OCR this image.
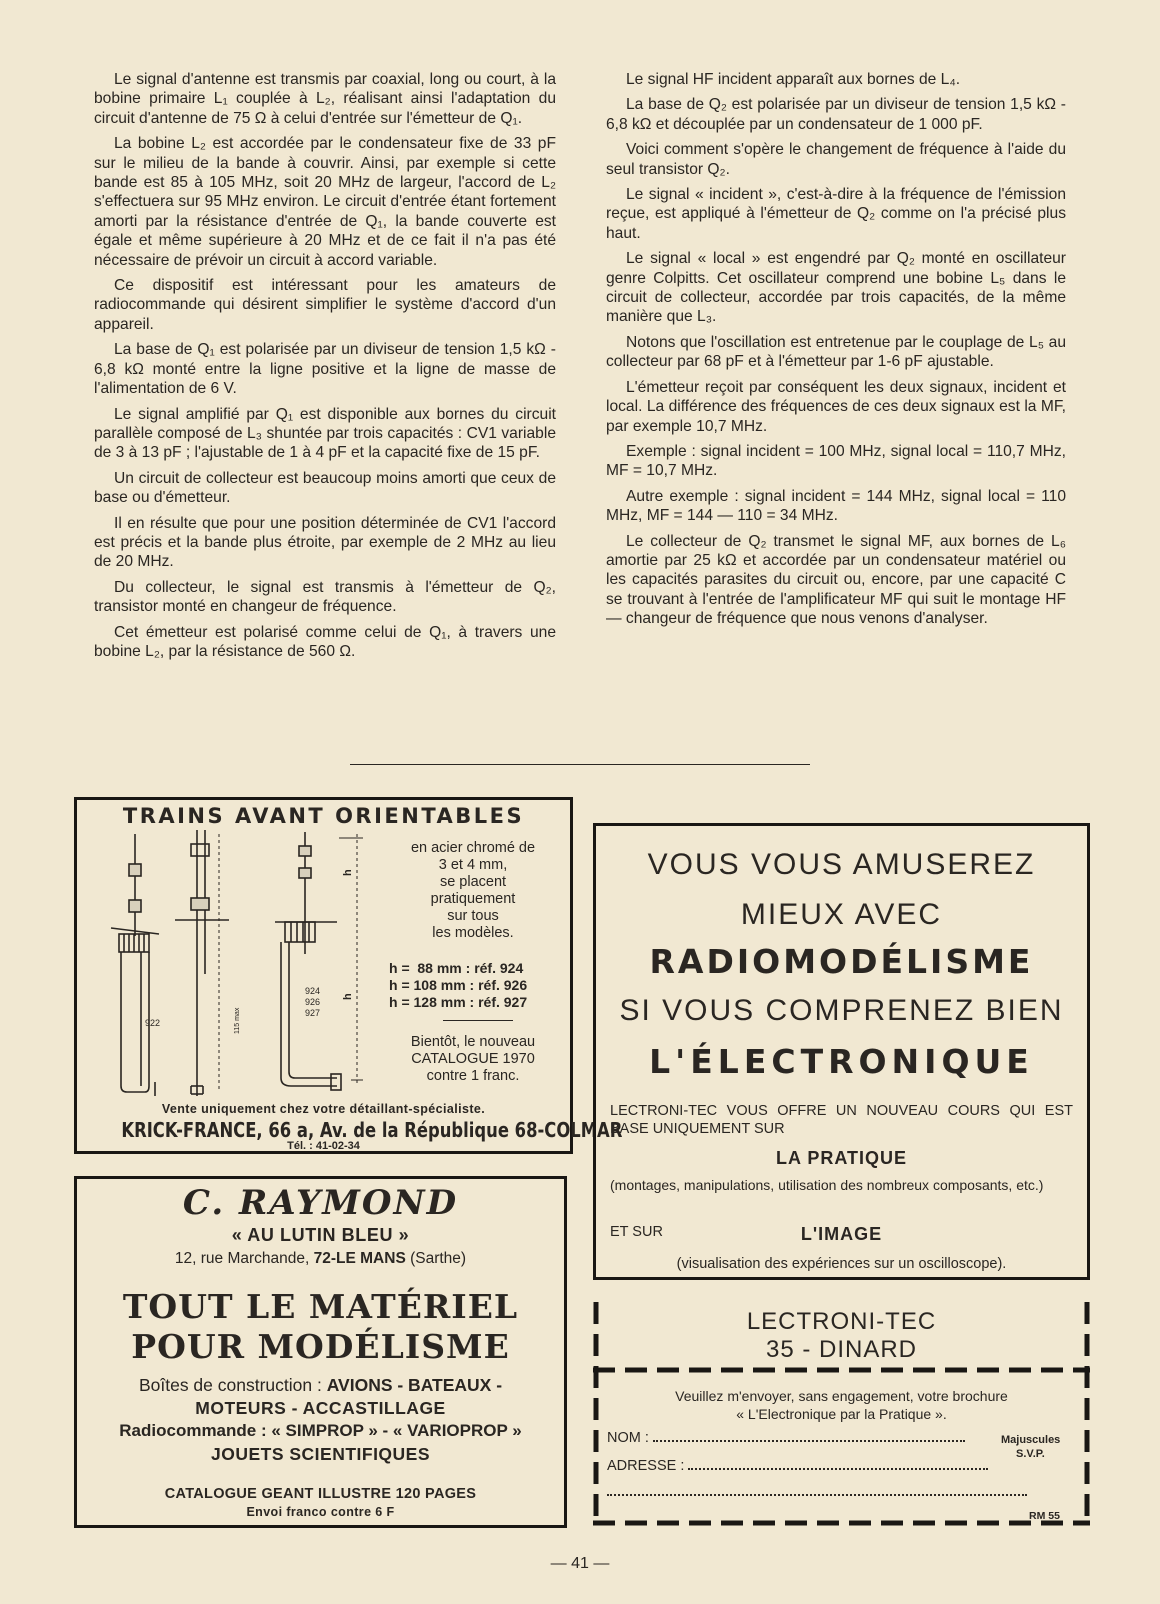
Le signal d'antenne est transmis par coaxial, long ou court, à la bobine primaire L₁ couplée à L₂, réalisant ainsi l'adaptation du circuit d'antenne de 75 Ω à celui d'entrée sur l'émetteur de Q₁.

La bobine L₂ est accordée par le condensateur fixe de 33 pF sur le milieu de la bande à couvrir. Ainsi, par exemple si cette bande est 85 à 105 MHz, soit 20 MHz de largeur, l'accord de L₂ s'effectuera sur 95 MHz environ. Le circuit d'entrée étant fortement amorti par la résistance d'entrée de Q₁, la bande couverte est égale et même supérieure à 20 MHz et de ce fait il n'a pas été nécessaire de prévoir un circuit à accord variable.

Ce dispositif est intéressant pour les amateurs de radiocommande qui désirent simplifier le système d'accord d'un appareil.

La base de Q₁ est polarisée par un diviseur de tension 1,5 kΩ - 6,8 kΩ monté entre la ligne positive et la ligne de masse de l'alimentation de 6 V.

Le signal amplifié par Q₁ est disponible aux bornes du circuit parallèle composé de L₃ shuntée par trois capacités : CV1 variable de 3 à 13 pF ; l'ajustable de 1 à 4 pF et la capacité fixe de 15 pF.

Un circuit de collecteur est beaucoup moins amorti que ceux de base ou d'émetteur.

Il en résulte que pour une position déterminée de CV1 l'accord est précis et la bande plus étroite, par exemple de 2 MHz au lieu de 20 MHz.

Du collecteur, le signal est transmis à l'émetteur de Q₂, transistor monté en changeur de fréquence.

Cet émetteur est polarisé comme celui de Q₁, à travers une bobine L₂, par la résistance de 560 Ω.

Le signal HF incident apparaît aux bornes de L₄.

La base de Q₂ est polarisée par un diviseur de tension 1,5 kΩ - 6,8 kΩ et découplée par un condensateur de 1 000 pF.

Voici comment s'opère le changement de fréquence à l'aide du seul transistor Q₂.

Le signal « incident », c'est-à-dire à la fréquence de l'émission reçue, est appliqué à l'émetteur de Q₂ comme on l'a précisé plus haut.

Le signal « local » est engendré par Q₂ monté en oscillateur genre Colpitts. Cet oscillateur comprend une bobine L₅ dans le circuit de collecteur, accordée par trois capacités, de la même manière que L₃.

Notons que l'oscillation est entretenue par le couplage de L₅ au collecteur par 68 pF et à l'émetteur par 1-6 pF ajustable.

L'émetteur reçoit par conséquent les deux signaux, incident et local. La différence des fréquences de ces deux signaux est la MF, par exemple 10,7 MHz.

Exemple : signal incident = 100 MHz, signal local = 110,7 MHz, MF = 10,7 MHz.

Autre exemple : signal incident = 144 MHz, signal local = 110 MHz, MF = 144 — 110 = 34 MHz.

Le collecteur de Q₂ transmet le signal MF, aux bornes de L₆ amortie par 25 kΩ et accordée par un condensateur matériel ou les capacités parasites du circuit ou, encore, par une capacité C se trouvant à l'entrée de l'amplificateur MF qui suit le montage HF — changeur de fréquence que nous venons d'analyser.

TRAINS AVANT ORIENTABLES
922
924
926
927
115 max
h
h
en acier chromé de
3 et 4 mm,
se placent
pratiquement
sur tous
les modèles.
h =  88 mm : réf. 924
h = 108 mm : réf. 926
h = 128 mm : réf. 927
Bientôt, le nouveau
CATALOGUE 1970
contre 1 franc.
Vente uniquement chez votre détaillant-spécialiste.
KRICK-FRANCE, 66 a, Av. de la République 68-COLMAR
Tél. : 41-02-34
C. RAYMOND
« AU LUTIN BLEU »
12, rue Marchande, 72-LE MANS (Sarthe)
TOUT LE MATÉRIEL
POUR MODÉLISME
Boîtes de construction : AVIONS - BATEAUX -
MOTEURS - ACCASTILLAGE
Radiocommande : « SIMPROP » - « VARIOPROP »
JOUETS SCIENTIFIQUES
CATALOGUE GEANT ILLUSTRE 120 PAGES
Envoi franco contre 6 F
VOUS VOUS AMUSEREZ
MIEUX AVEC
RADIOMODÉLISME
SI VOUS COMPRENEZ BIEN
L'ÉLECTRONIQUE
LECTRONI-TEC VOUS OFFRE UN NOUVEAU COURS QUI EST BASE UNIQUEMENT SUR
LA PRATIQUE
(montages, manipulations, utilisation des nombreux composants, etc.)
ET SUR	L'IMAGE
(visualisation des expériences sur un oscilloscope).
LECTRONI-TEC
35 - DINARD
Veuillez m'envoyer, sans engagement, votre brochure
« L'Electronique par la Pratique ».
NOM :	Majuscules
S.V.P.
ADRESSE :
RM 55
— 41 —
